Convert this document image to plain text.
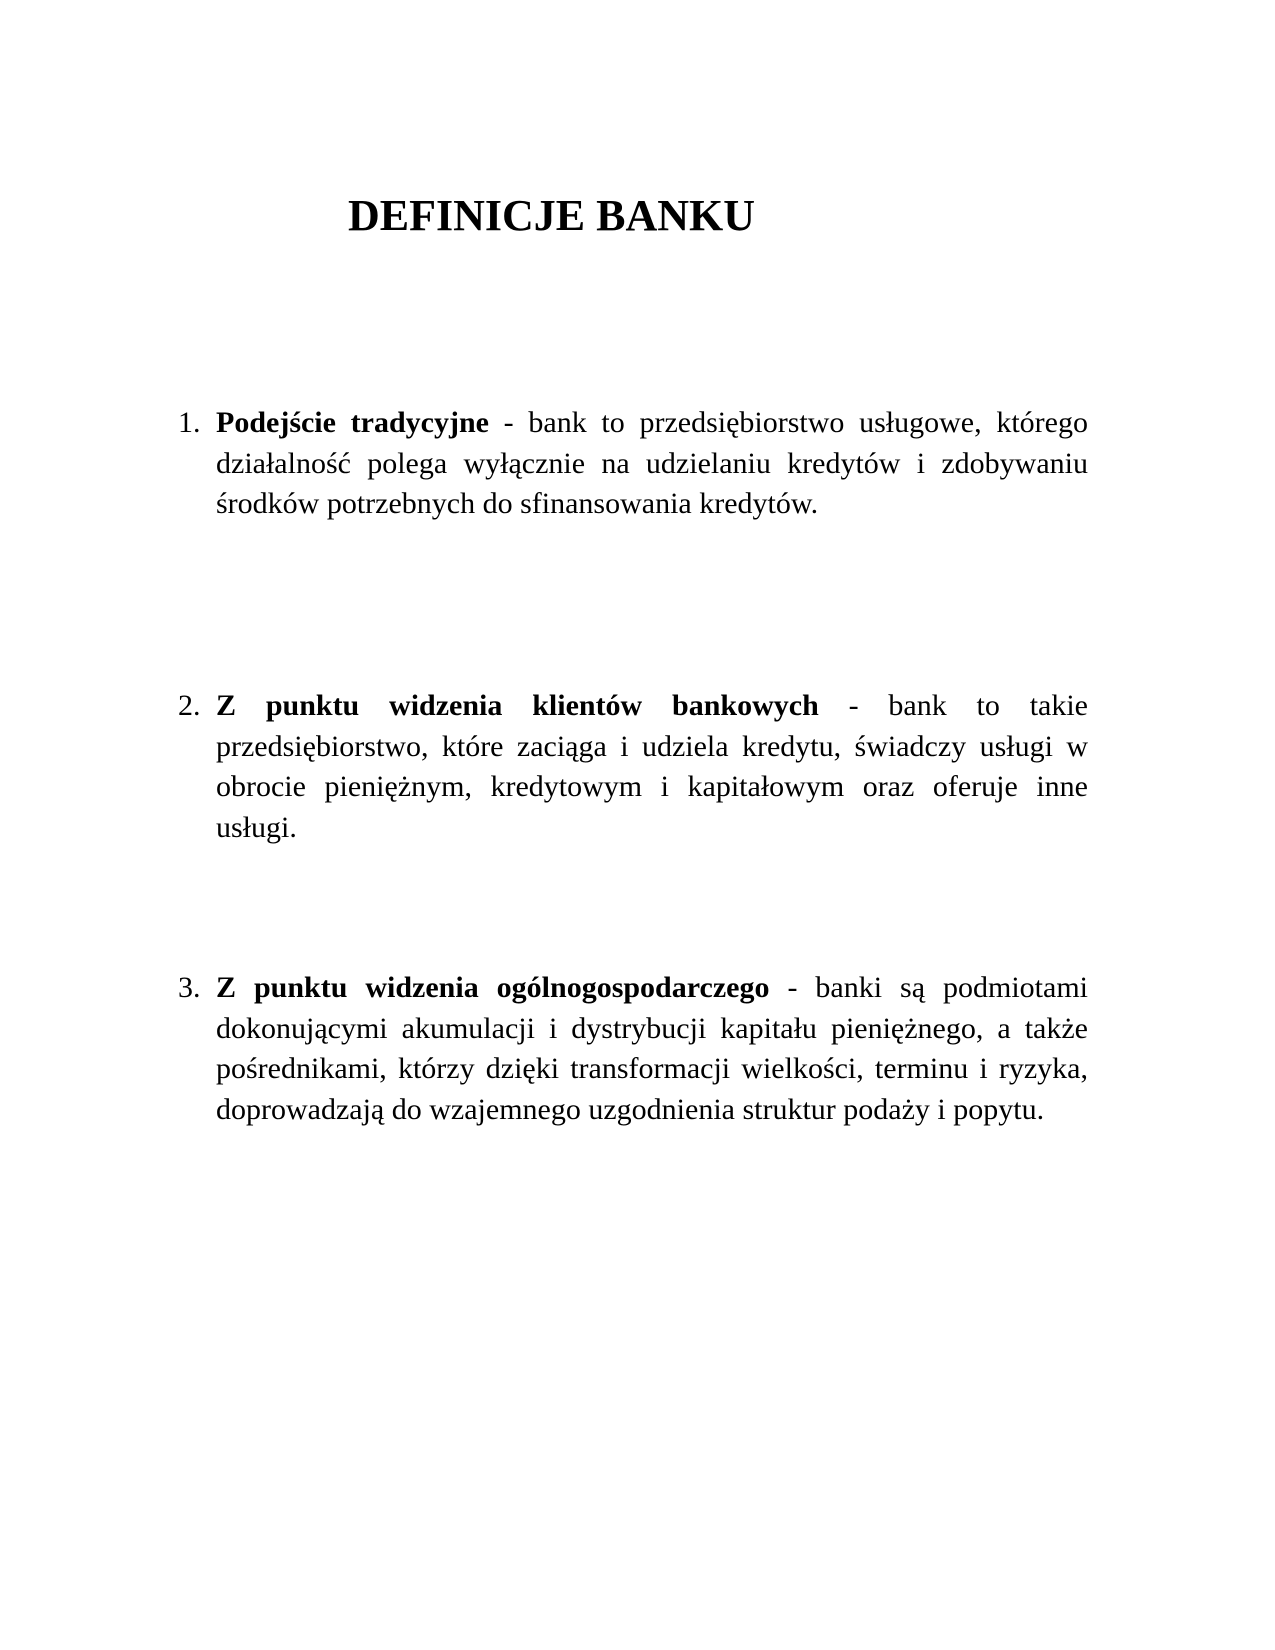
DEFINICJE BANKU
1. Podejście tradycyjne - bank to przedsiębiorstwo usługowe, którego działalność polega wyłącznie na udzielaniu kredytów i zdobywaniu środków potrzebnych do sfinansowania kredytów.
2. Z punktu widzenia klientów bankowych - bank to takie przedsiębiorstwo, które zaciąga i udziela kredytu, świadczy usługi w obrocie pieniężnym, kredytowym i kapitałowym oraz oferuje inne usługi.
3. Z punktu widzenia ogólnogospodarczego - banki są podmiotami dokonującymi akumulacji i dystrybucji kapitału pieniężnego, a także pośrednikami, którzy dzięki transformacji wielkości, terminu i ryzyka, doprowadzają do wzajemnego uzgodnienia struktur podaży i popytu.
